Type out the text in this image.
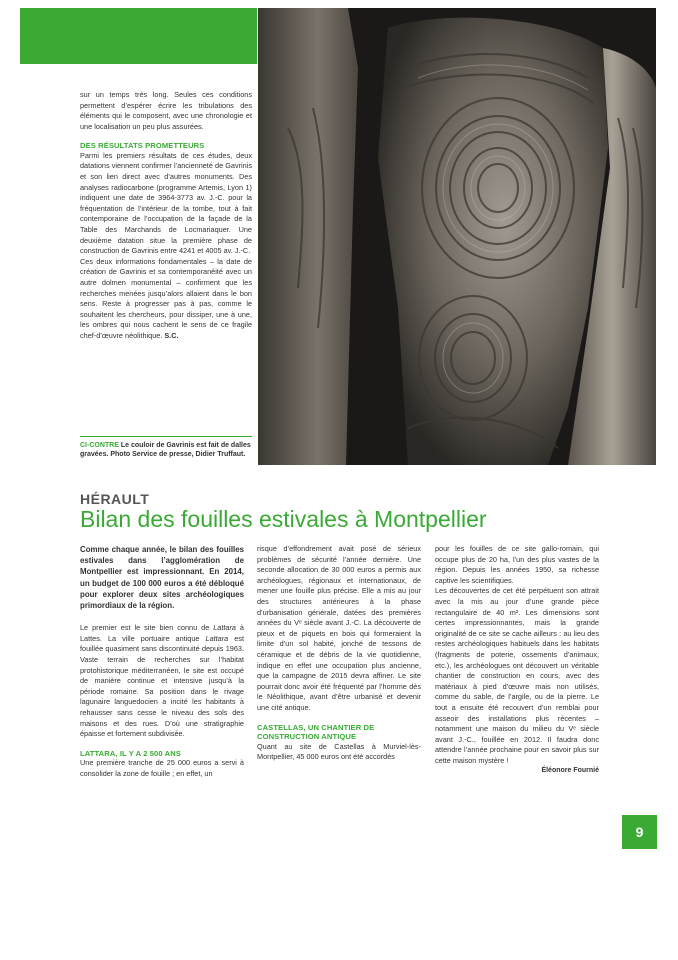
sur un temps très long. Seules ces conditions permettent d’espérer écrire les tribulations des éléments qui le composent, avec une chronologie et une localisation un peu plus assurées.

DES RÉSULTATS PROMETTEURS

Parmi les premiers résultats de ces études, deux datations viennent confirmer l’ancienneté de Gavrinis et son lien direct avec d’autres monuments. Des analyses radiocarbone (programme Artemis, Lyon 1) indiquent une date de 3964-3773 av. J.-C. pour la fréquentation de l’intérieur de la tombe, tout à fait contemporaine de l’occupation de la façade de la Table des Marchands de Locmariaquer. Une deuxième datation situe la première phase de construction de Gavrinis entre 4241 et 4005 av. J.-C.

Ces deux informations fondamentales – la date de création de Gavrinis et sa contemporanéité avec un autre dolmen monumental – confirment que les recherches menées jusqu’alors allaient dans le bon sens. Reste à progresser pas à pas, comme le souhaitent les chercheurs, pour dissiper, une à une, les ombres qui nous cachent le sens de ce fragile chef-d’œuvre néolithique. S.C.

CI-CONTRE Le couloir de Gavrinis est fait de dalles gravées. Photo Service de presse, Didier Truffaut.
HÉRAULT
Bilan des fouilles estivales à Montpellier

Comme chaque année, le bilan des fouilles estivales dans l’agglomération de Montpellier est impressionnant. En 2014, un budget de 100 000 euros a été débloqué pour explorer deux sites archéologiques primordiaux de la région.

Le premier est le site bien connu de Lattara à Lattes. La ville portuaire antique Lattara est fouillée quasiment sans discontinuité depuis 1963. Vaste terrain de recherches sur l’habitat protohistorique méditerranéen, le site est occupé de manière continue et intensive jusqu’à la période romaine. Sa position dans le rivage lagunaire languedocien a incité les habitants à rehausser sans cesse le niveau des sols des maisons et des rues. D’où une stratigraphie épaisse et fortement subdivisée.

LATTARA, IL Y A 2 500 ANS

Une première tranche de 25 000 euros a servi à consolider la zone de fouille ; en effet, un

risque d’effondrement avait posé de sérieux problèmes de sécurité l’année dernière. Une seconde allocation de 30 000 euros a permis aux archéologues, régionaux et internationaux, de mener une fouille plus précise. Elle a mis au jour des structures antérieures à la phase d’urbanisation générale, datées des premières années du Vᵉ siècle avant J.-C. La découverte de pieux et de piquets en bois qui formeraient la limite d’un sol habité, jonché de tessons de céramique et de débris de la vie quotidienne, indique en effet une occupation plus ancienne, que la campagne de 2015 devra affiner. Le site pourrait donc avoir été fréquenté par l’homme dès le Néolithique, avant d’être urbanisé et devenir une cité antique.

CASTELLAS, UN CHANTIER DE CONSTRUCTION ANTIQUE

Quant au site de Castellas à Murviel-lès-Montpellier, 45 000 euros ont été accordés

pour les fouilles de ce site gallo-romain, qui occupe plus de 20 ha, l’un des plus vastes de la région. Depuis les années 1950, sa richesse captive les scientifiques.

Les découvertes de cet été perpétuent son attrait avec la mis au jour d’une grande pièce rectangulaire de 40 m². Les dimensions sont certes impressionnantes, mais la grande originalité de ce site se cache ailleurs : au lieu des restes archéologiques habituels dans les habitats (fragments de poterie, ossements d’animaux, etc.), les archéologues ont découvert un véritable chantier de construction en cours, avec des matériaux à pied d’œuvre mais non utilisés, comme du sable, de l’argile, ou de la pierre. Le tout a ensuite été recouvert d’un remblai pour asseoir des installations plus récentes – notamment une maison du milieu du Vᵉ siècle avant J.-C., fouillée en 2012. Il faudra donc attendre l’année prochaine pour en savoir plus sur cette maison mystère !

Éléonore Fournié

9
